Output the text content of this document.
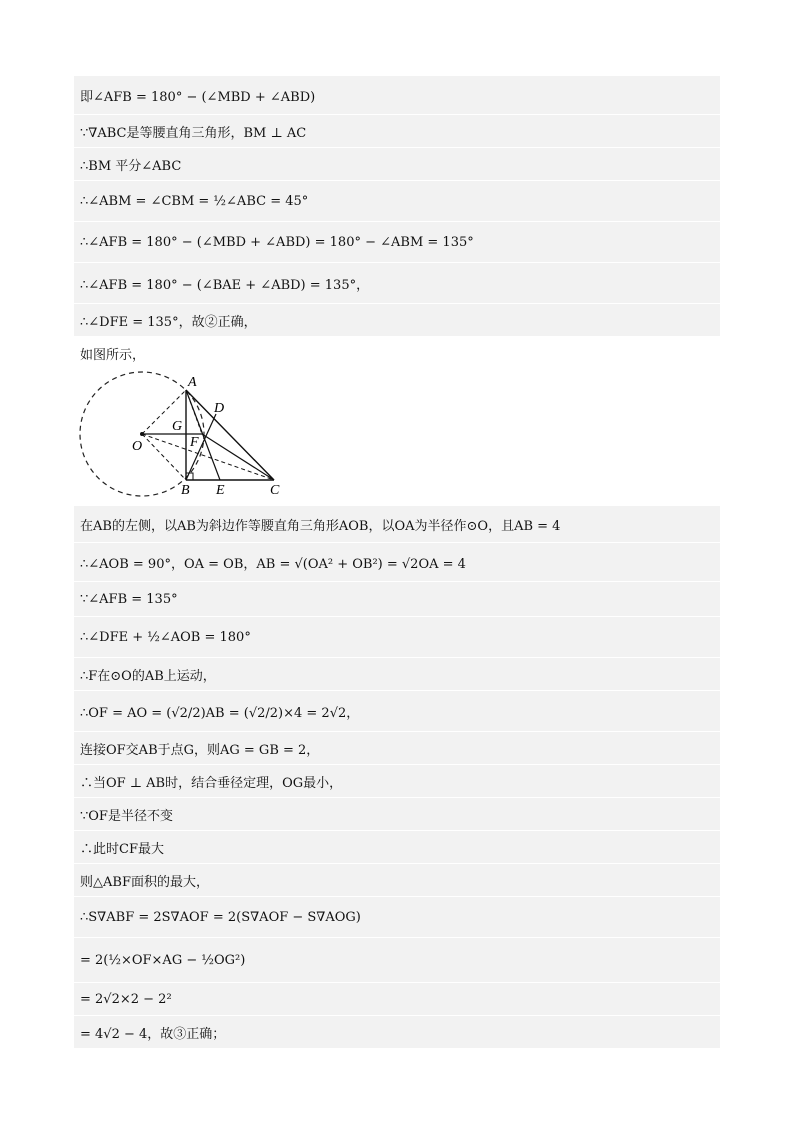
即∠AFB = 180° − (∠MBD + ∠ABD)
∵∇ABC是等腰直角三角形，BM ⊥ AC
∴BM 平分∠ABC
∴∠ABM = ∠CBM = ½∠ABC = 45°
∴∠AFB = 180° − (∠MBD + ∠ABD) = 180° − ∠ABM = 135°
∴∠AFB = 180° − (∠BAE + ∠ABD) = 135°，
∴∠DFE = 135°，故②正确，
如图所示，
A
B	C
D
E
F
G
O
在AB的左侧，以AB为斜边作等腰直角三角形AOB，以OA为半径作⊙O，且AB = 4
∴∠AOB = 90°，OA = OB，AB = √(OA² + OB²) = √2OA = 4
∵∠AFB = 135°
∴∠DFE + ½∠AOB = 180°
∴F在⊙O的AB上运动，
∴OF = AO = (√2/2)AB = (√2/2)×4 = 2√2，
连接OF交AB于点G，则AG = GB = 2，
∴当OF ⊥ AB时，结合垂径定理，OG最小，
∵OF是半径不变
∴此时CF最大
则△ABF面积的最大，
∴S∇ABF = 2S∇AOF = 2(S∇AOF − S∇AOG)
= 2(½×OF×AG − ½OG²)
= 2√2×2 − 2²
= 4√2 − 4，故③正确；
